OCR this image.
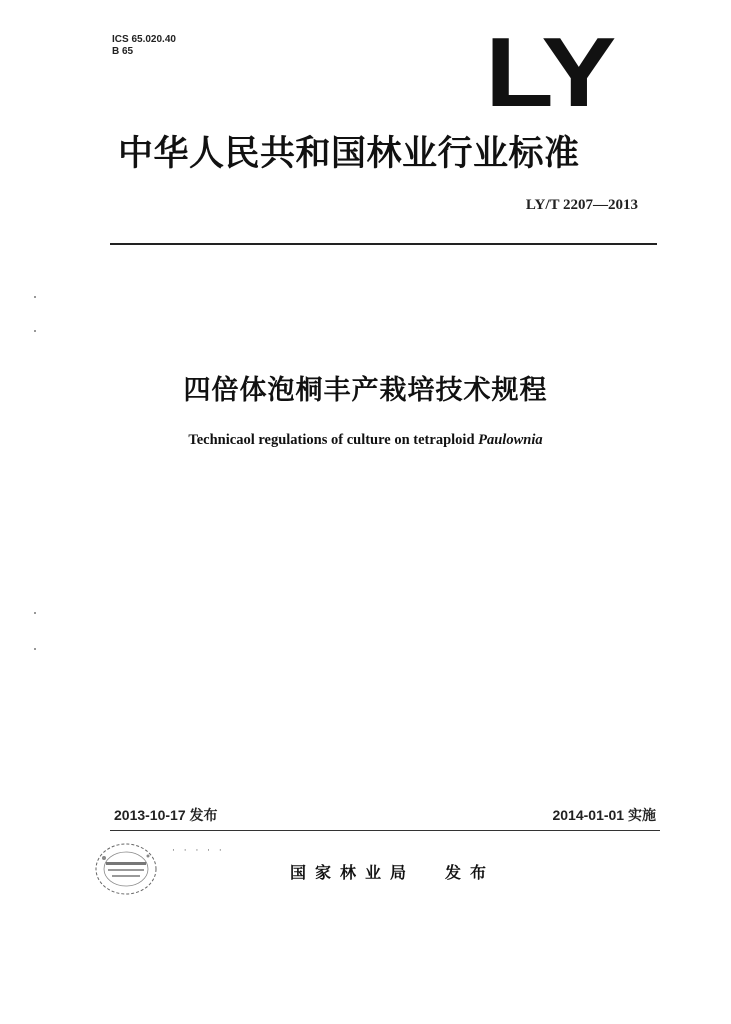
ICS 65.020.40
B 65	LY
中华人民共和国林业行业标准
LY/T 2207—2013
四倍体泡桐丰产栽培技术规程
Technicaol regulations of culture on tetraploid Paulownia
2013-10-17 发布	2014-01-01 实施
· · · · ·
国家林业局 发布
